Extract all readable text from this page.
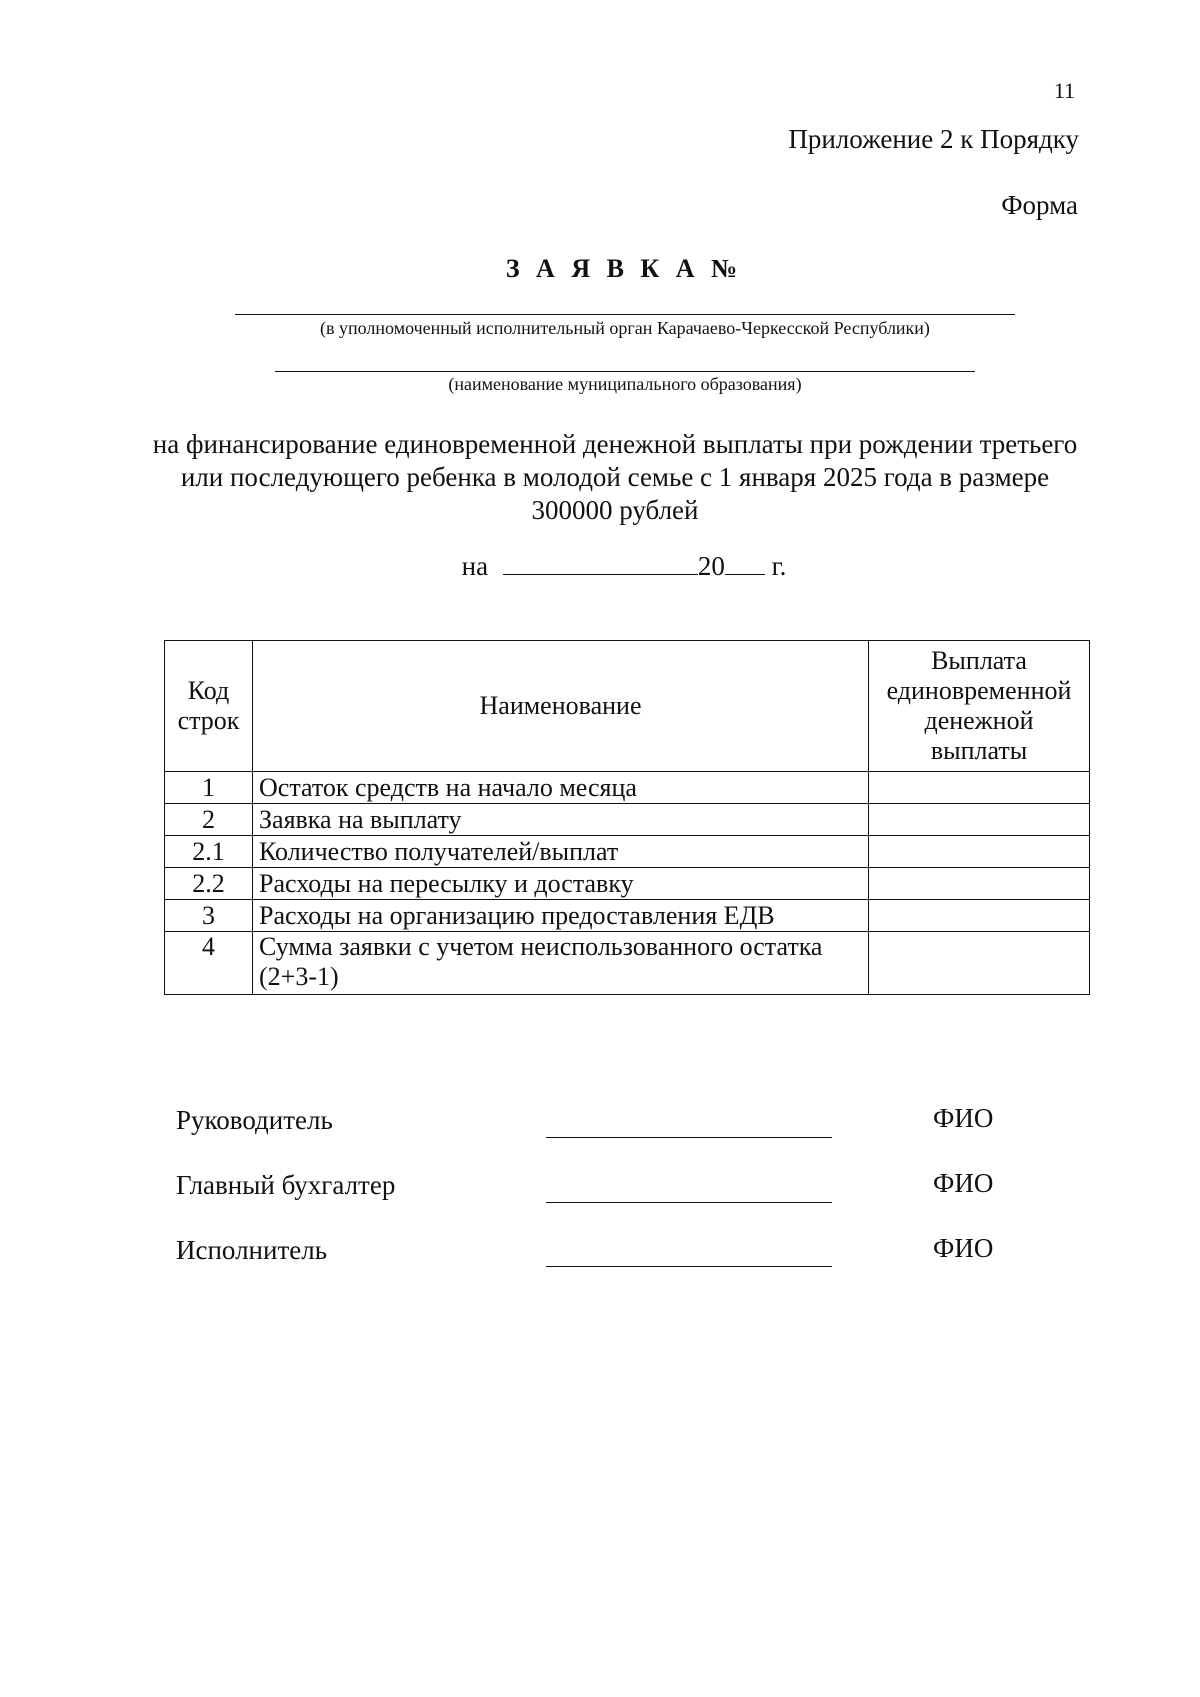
11
Приложение 2 к Порядку
Форма
З А Я В К А №
(в уполномоченный исполнительный орган Карачаево-Черкесской Республики)
(наименование муниципального образования)
на финансирование единовременной денежной выплаты при рождении третьего или последующего ребенка в молодой семье с 1 января 2025 года в размере 300000 рублей
на	20 г.
Код строк	Наименование	Выплата единовременной денежной выплаты
1	Остаток средств на начало месяца	
2	Заявка на выплату	
2.1	Количество получателей/выплат	
2.2	Расходы на пересылку и доставку	
3	Расходы на организацию предоставления ЕДВ	
4	Сумма заявки с учетом неиспользованного остатка (2+3-1)	
Руководитель	ФИО
Главный бухгалтер	ФИО
Исполнитель	ФИО
